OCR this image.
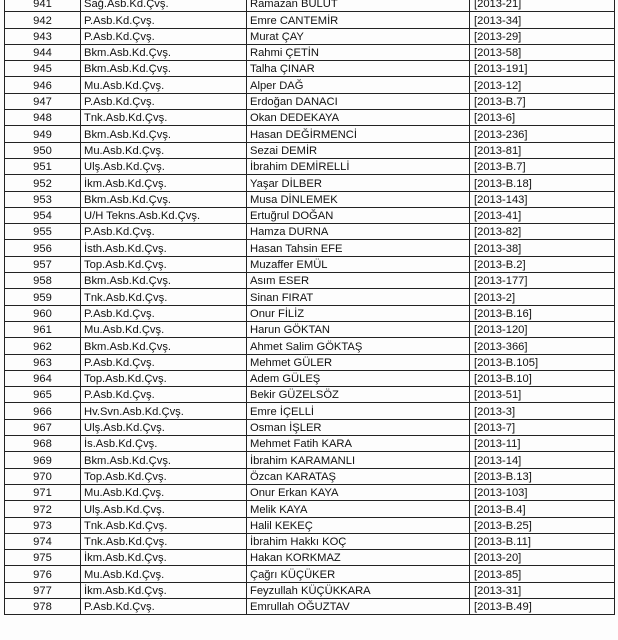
941	Sağ.Asb.Kd.Çvş.	Ramazan BULUT	[2013-21]
942	P.Asb.Kd.Çvş.	Emre CANTEMİR	[2013-34]
943	P.Asb.Kd.Çvş.	Murat ÇAY	[2013-29]
944	Bkm.Asb.Kd.Çvş.	Rahmi ÇETİN	[2013-58]
945	Bkm.Asb.Kd.Çvş.	Talha ÇINAR	[2013-191]
946	Mu.Asb.Kd.Çvş.	Alper DAĞ	[2013-12]
947	P.Asb.Kd.Çvş.	Erdoğan DANACI	[2013-B.7]
948	Tnk.Asb.Kd.Çvş.	Okan DEDEKAYA	[2013-6]
949	Bkm.Asb.Kd.Çvş.	Hasan DEĞİRMENCİ	[2013-236]
950	Mu.Asb.Kd.Çvş.	Sezai DEMİR	[2013-81]
951	Ulş.Asb.Kd.Çvş.	İbrahim DEMİRELLİ	[2013-B.7]
952	İkm.Asb.Kd.Çvş.	Yaşar DİLBER	[2013-B.18]
953	Bkm.Asb.Kd.Çvş.	Musa DİNLEMEK	[2013-143]
954	U/H Tekns.Asb.Kd.Çvş.	Ertuğrul DOĞAN	[2013-41]
955	P.Asb.Kd.Çvş.	Hamza DURNA	[2013-82]
956	İsth.Asb.Kd.Çvş.	Hasan Tahsin EFE	[2013-38]
957	Top.Asb.Kd.Çvş.	Muzaffer EMÜL	[2013-B.2]
958	Bkm.Asb.Kd.Çvş.	Asım ESER	[2013-177]
959	Tnk.Asb.Kd.Çvş.	Sinan FIRAT	[2013-2]
960	P.Asb.Kd.Çvş.	Onur FİLİZ	[2013-B.16]
961	Mu.Asb.Kd.Çvş.	Harun GÖKTAN	[2013-120]
962	Bkm.Asb.Kd.Çvş.	Ahmet Salim GÖKTAŞ	[2013-366]
963	P.Asb.Kd.Çvş.	Mehmet GÜLER	[2013-B.105]
964	Top.Asb.Kd.Çvş.	Adem GÜLEŞ	[2013-B.10]
965	P.Asb.Kd.Çvş.	Bekir GÜZELSÖZ	[2013-51]
966	Hv.Svn.Asb.Kd.Çvş.	Emre İÇELLİ	[2013-3]
967	Ulş.Asb.Kd.Çvş.	Osman İŞLER	[2013-7]
968	İs.Asb.Kd.Çvş.	Mehmet Fatih KARA	[2013-11]
969	Bkm.Asb.Kd.Çvş.	İbrahim KARAMANLI	[2013-14]
970	Top.Asb.Kd.Çvş.	Özcan KARATAŞ	[2013-B.13]
971	Mu.Asb.Kd.Çvş.	Onur Erkan KAYA	[2013-103]
972	Ulş.Asb.Kd.Çvş.	Melik KAYA	[2013-B.4]
973	Tnk.Asb.Kd.Çvş.	Halil KEKEÇ	[2013-B.25]
974	Tnk.Asb.Kd.Çvş.	İbrahim Hakkı KOÇ	[2013-B.11]
975	İkm.Asb.Kd.Çvş.	Hakan KORKMAZ	[2013-20]
976	Mu.Asb.Kd.Çvş.	Çağrı KÜÇÜKER	[2013-85]
977	İkm.Asb.Kd.Çvş.	Feyzullah KÜÇÜKKARA	[2013-31]
978	P.Asb.Kd.Çvş.	Emrullah OĞUZTAV	[2013-B.49]
